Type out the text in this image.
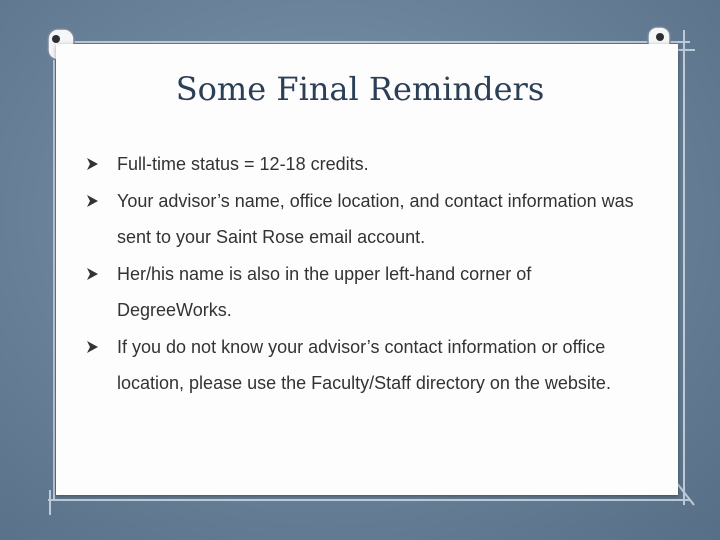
Some Final Reminders
Full-time status = 12-18 credits.
Your advisor’s name, office location, and contact information was sent to your Saint Rose email account.
Her/his name is also in the upper left-hand corner of DegreeWorks.
If you do not know your advisor’s contact information or office location, please use the Faculty/Staff directory on the website.
